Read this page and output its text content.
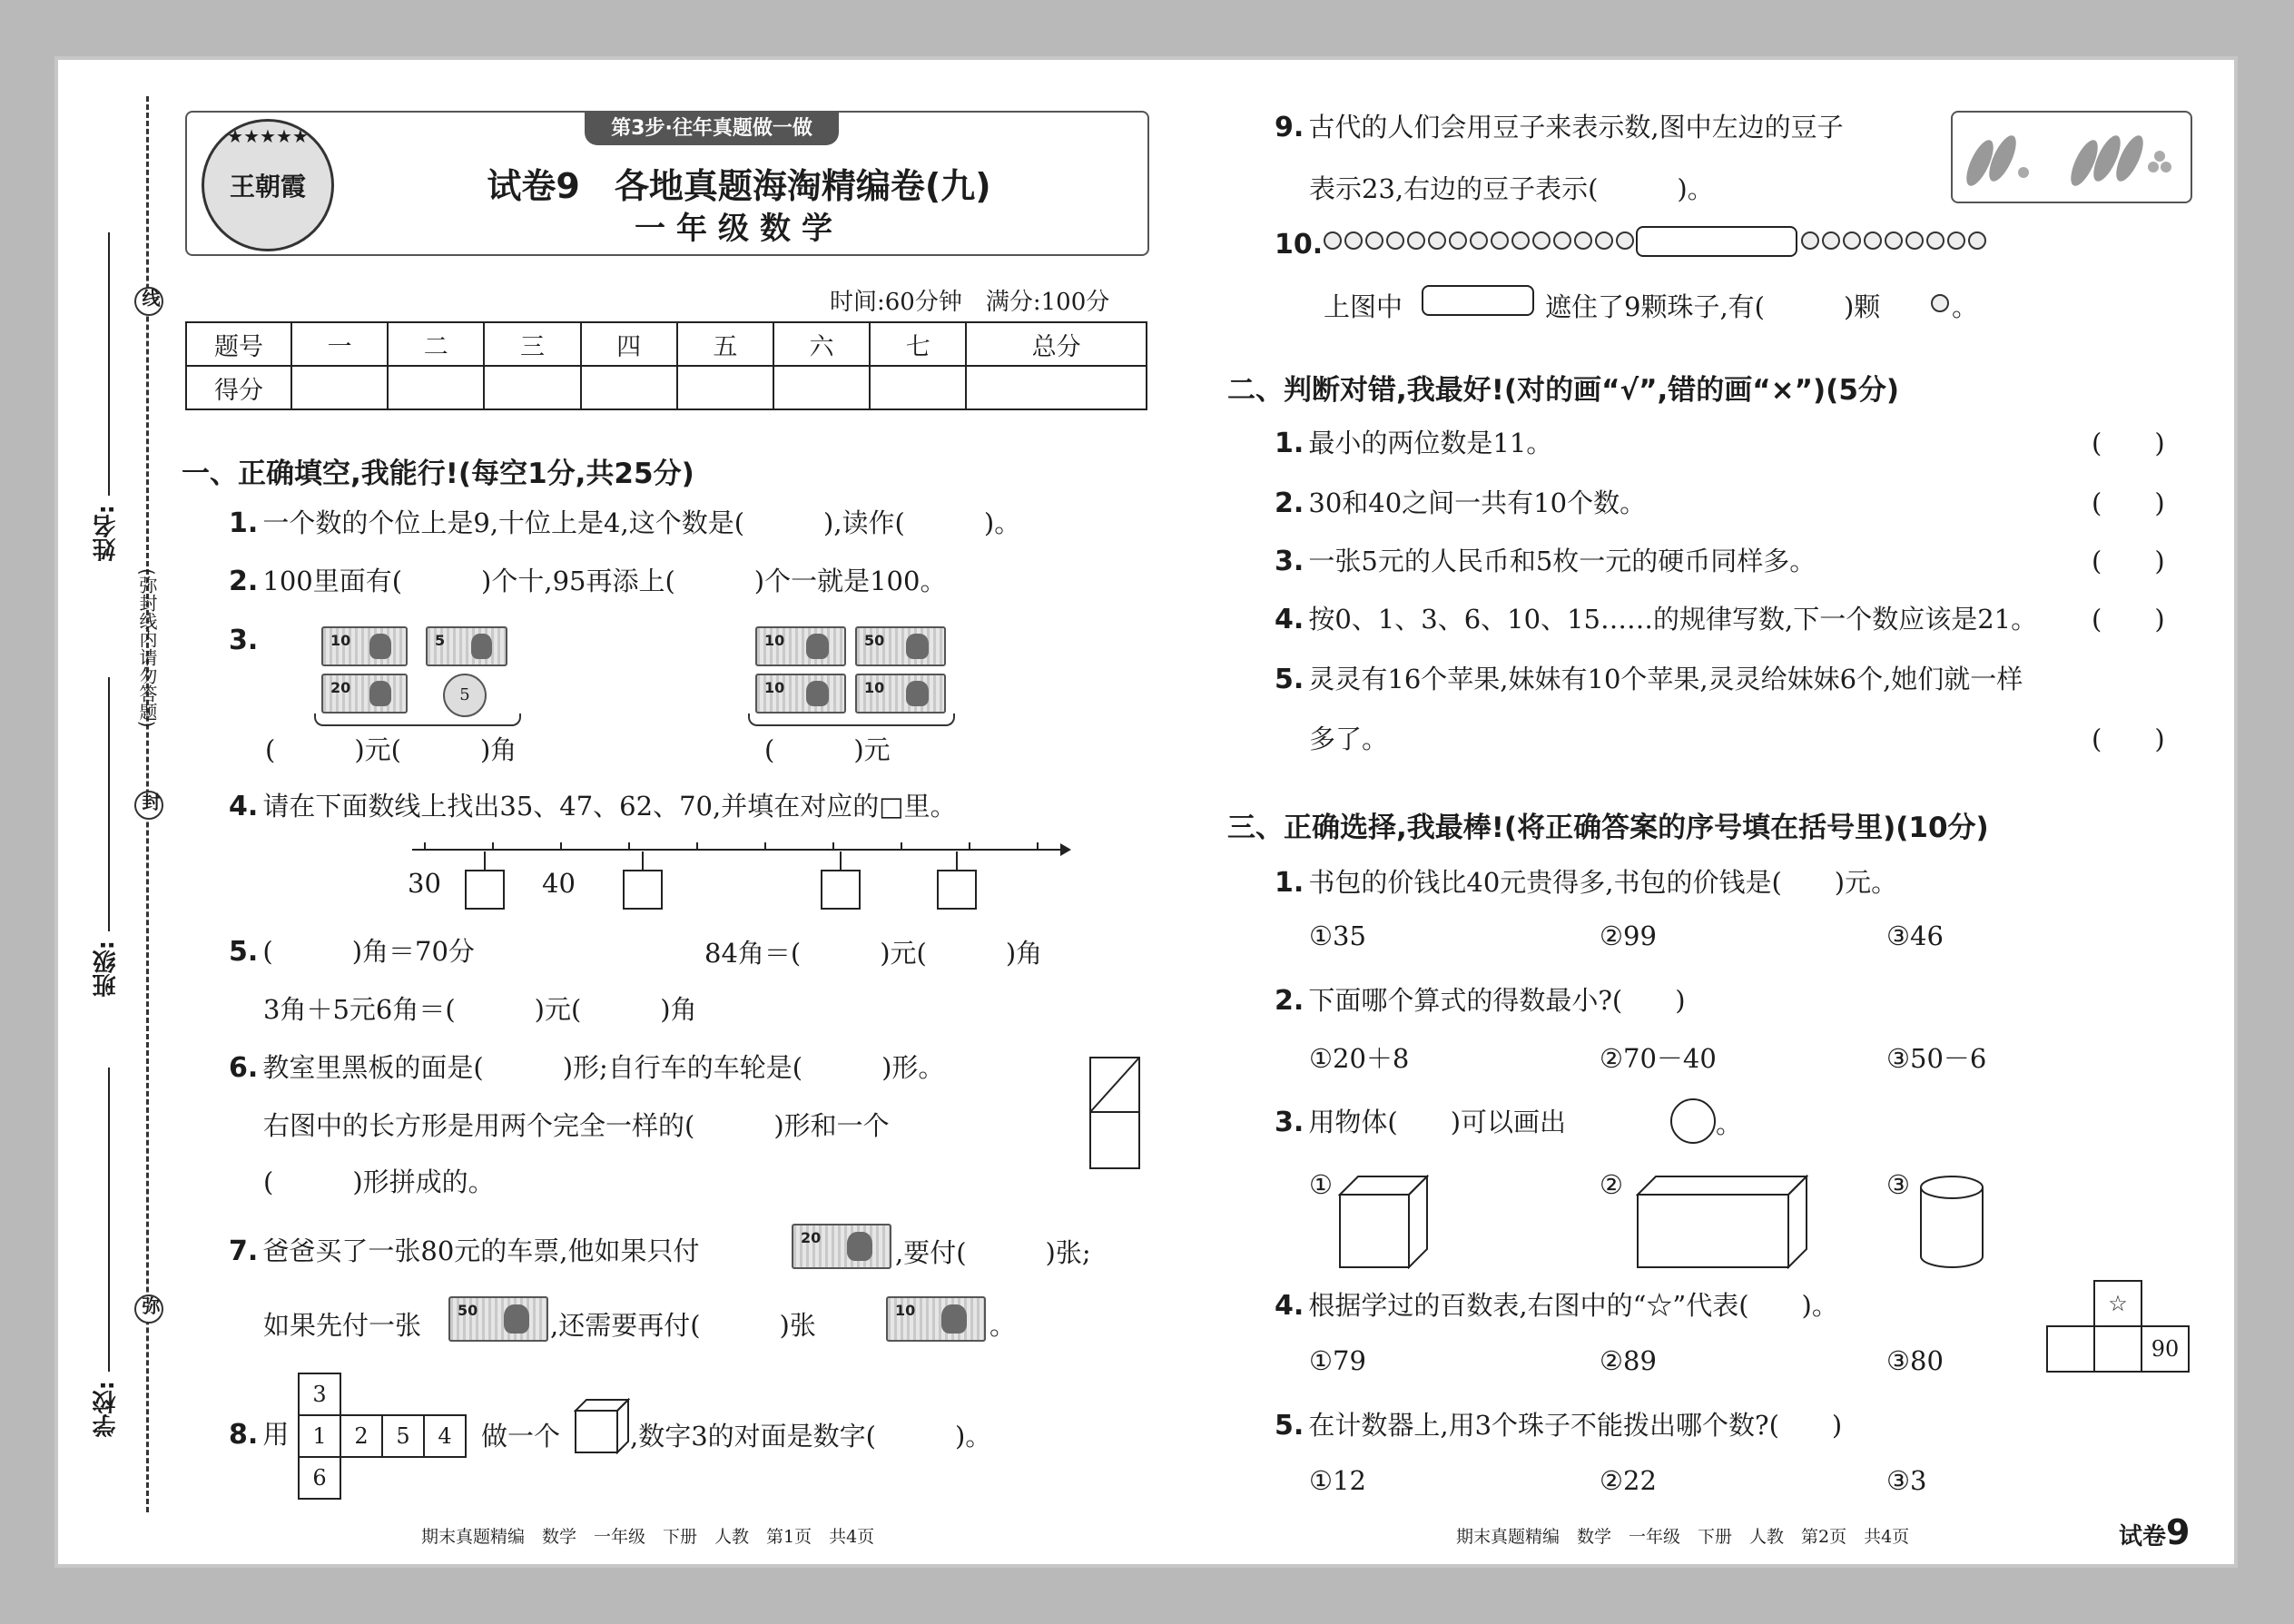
线
封
弥
(弥封线内请勿答题)
姓名:
班级:
学校:
★★★★★
王朝霞
第3步·往年真题做一做
试卷9　各地真题海淘精编卷(九)
一年级数学
时间:60分钟　满分:100分
题号	一	二	三	四	五	六	七	总分
得分								
一、正确填空,我能行!(每空1分,共25分)
1. 一个数的个位上是9,十位上是4,这个数是(　　　),读作(　　　)。
2. 100里面有(　　　)个十,95再添上(　　　)个一就是100。
3.	10	5
20	5
(　　　)元(　　　)角
10	50
10	10
(　　　)元
4. 请在下面数线上找出35、47、62、70,并填在对应的□里。
30	40
5. (　　　)角＝70分	84角＝(　　　)元(　　　)角
3角＋5元6角＝(　　　)元(　　　)角
6. 教室里黑板的面是(　　　)形;自行车的车轮是(　　　)形。
右图中的长方形是用两个完全一样的(　　　)形和一个
(　　　)形拼成的。
7. 爸爸买了一张80元的车票,他如果只付	20	,要付(　　　)张;
如果先付一张 50	,还需要再付(　　　)张	10	。
8. 用
3
1	2	5	4
6
做一个	,数字3的对面是数字(　　　)。
期末真题精编　数学　一年级　下册　人教　第1页　共4页
9. 古代的人们会用豆子来表示数,图中左边的豆子
表示23,右边的豆子表示(　　　)。
10.
上图中	遮住了9颗珠子,有(　　　)颗	。
二、判断对错,我最好!(对的画“√”,错的画“×”)(5分)
1. 最小的两位数是11。	(　　)
2. 30和40之间一共有10个数。	(　　)
3. 一张5元的人民币和5枚一元的硬币同样多。	(　　)
4. 按0、1、3、6、10、15……的规律写数,下一个数应该是21。 (　　)
5. 灵灵有16个苹果,妹妹有10个苹果,灵灵给妹妹6个,她们就一样
多了。	(　　)
三、正确选择,我最棒!(将正确答案的序号填在括号里)(10分)
1. 书包的价钱比40元贵得多,书包的价钱是(　　)元。
①35	②99	③46
2. 下面哪个算式的得数最小?(　　)
①20＋8	②70－40	③50－6
3. 用物体(　　)可以画出	。
①	②	③
4. 根据学过的百数表,右图中的“☆”代表(　　)。	☆
90
①79	②89	③80
5. 在计数器上,用3个珠子不能拨出哪个数?(　　)
①12	②22	③3
期末真题精编　数学　一年级　下册　人教　第2页　共4页	试卷9
